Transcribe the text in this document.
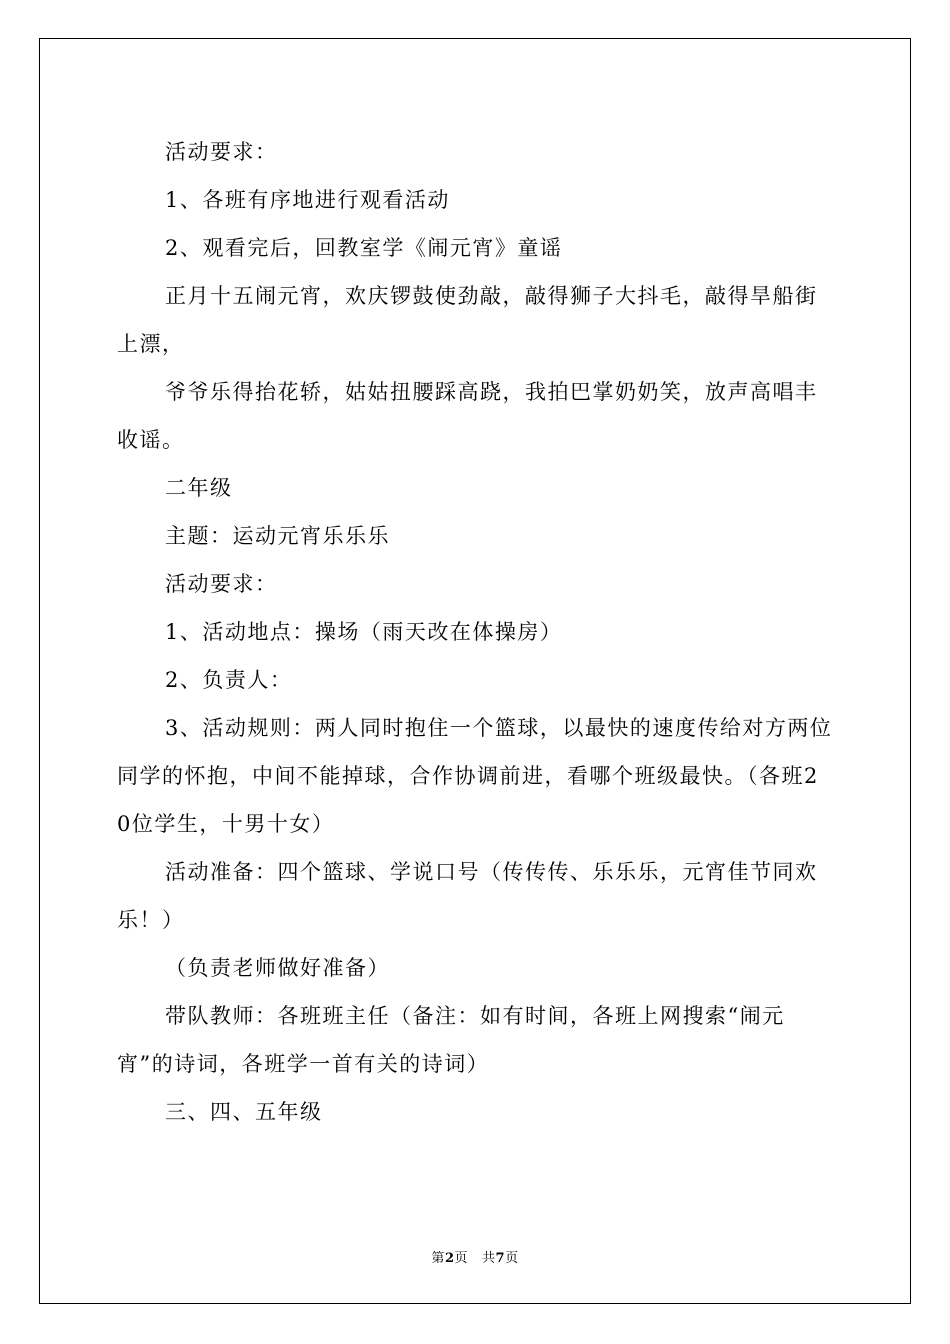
活动要求：

1、各班有序地进行观看活动

2、观看完后，回教室学《闹元宵》童谣

正月十五闹元宵，欢庆锣鼓使劲敲，敲得狮子大抖毛，敲得旱船街上漂，

爷爷乐得抬花轿，姑姑扭腰踩高跷，我拍巴掌奶奶笑，放声高唱丰收谣。

二年级

主题：运动元宵乐乐乐

活动要求：

1、活动地点：操场（雨天改在体操房）

2、负责人：

3、活动规则：两人同时抱住一个篮球，以最快的速度传给对方两位同学的怀抱，中间不能掉球，合作协调前进，看哪个班级最快。（各班20位学生，十男十女）

活动准备：四个篮球、学说口号（传传传、乐乐乐，元宵佳节同欢乐！）

（负责老师做好准备）

带队教师：各班班主任（备注：如有时间，各班上网搜索“闹元宵”的诗词，各班学一首有关的诗词）

三、四、五年级

第2页 共7页
